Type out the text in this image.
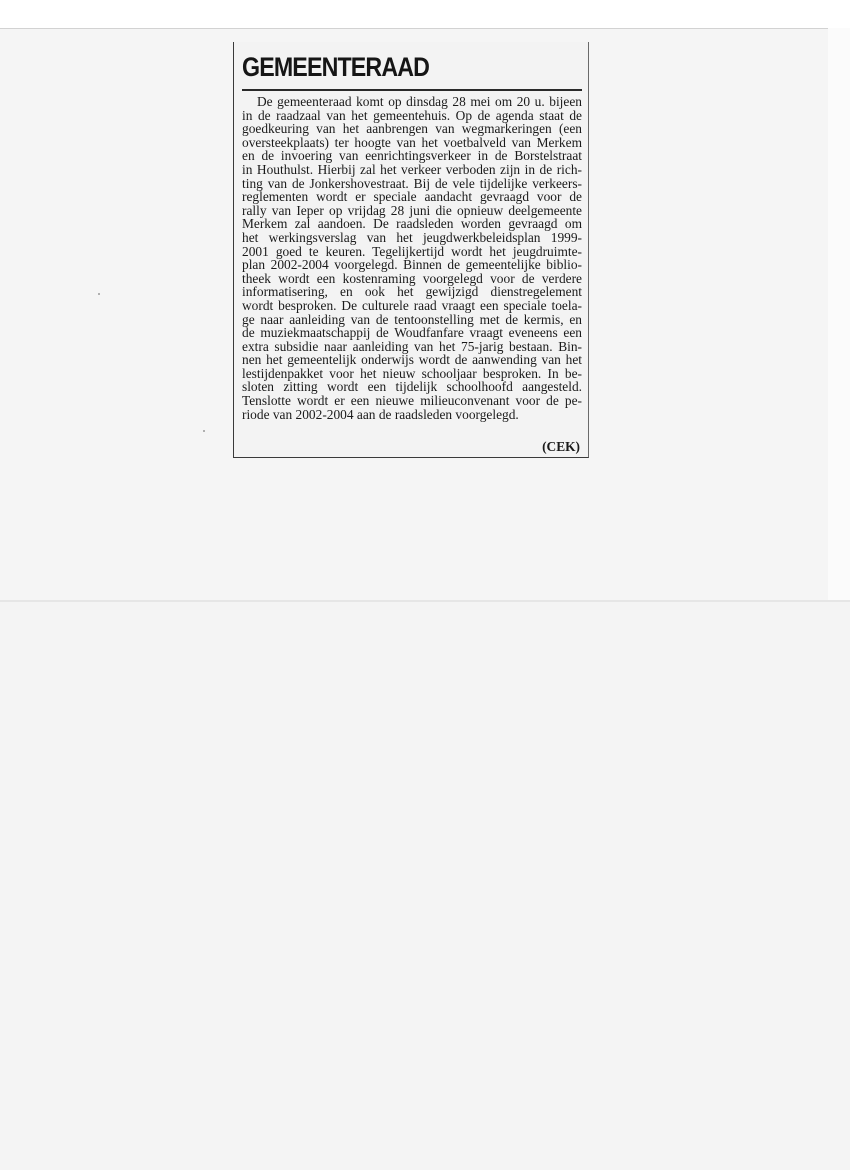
GEMEENTERAAD
De gemeenteraad komt op dinsdag 28 mei om 20 u. bijeen
in de raadzaal van het gemeentehuis. Op de agenda staat de
goedkeuring van het aanbrengen van wegmarkeringen (een
oversteekplaats) ter hoogte van het voetbalveld van Merkem
en de invoering van eenrichtingsverkeer in de Borstelstraat
in Houthulst. Hierbij zal het verkeer verboden zijn in de rich-
ting van de Jonkershovestraat. Bij de vele tijdelijke verkeers-
reglementen wordt er speciale aandacht gevraagd voor de
rally van Ieper op vrijdag 28 juni die opnieuw deelgemeente
Merkem zal aandoen. De raadsleden worden gevraagd om
het werkingsverslag van het jeugdwerkbeleidsplan 1999-
2001 goed te keuren. Tegelijkertijd wordt het jeugdruimte-
plan 2002-2004 voorgelegd. Binnen de gemeentelijke biblio-
theek wordt een kostenraming voorgelegd voor de verdere
informatisering, en ook het gewijzigd dienstregelement
wordt besproken. De culturele raad vraagt een speciale toela-
ge naar aanleiding van de tentoonstelling met de kermis, en
de muziekmaatschappij de Woudfanfare vraagt eveneens een
extra subsidie naar aanleiding van het 75-jarig bestaan. Bin-
nen het gemeentelijk onderwijs wordt de aanwending van het
lestijdenpakket voor het nieuw schooljaar besproken. In be-
sloten zitting wordt een tijdelijk schoolhoofd aangesteld.
Tenslotte wordt er een nieuwe milieuconvenant voor de pe-
riode van 2002-2004 aan de raadsleden voorgelegd.
(CEK)
